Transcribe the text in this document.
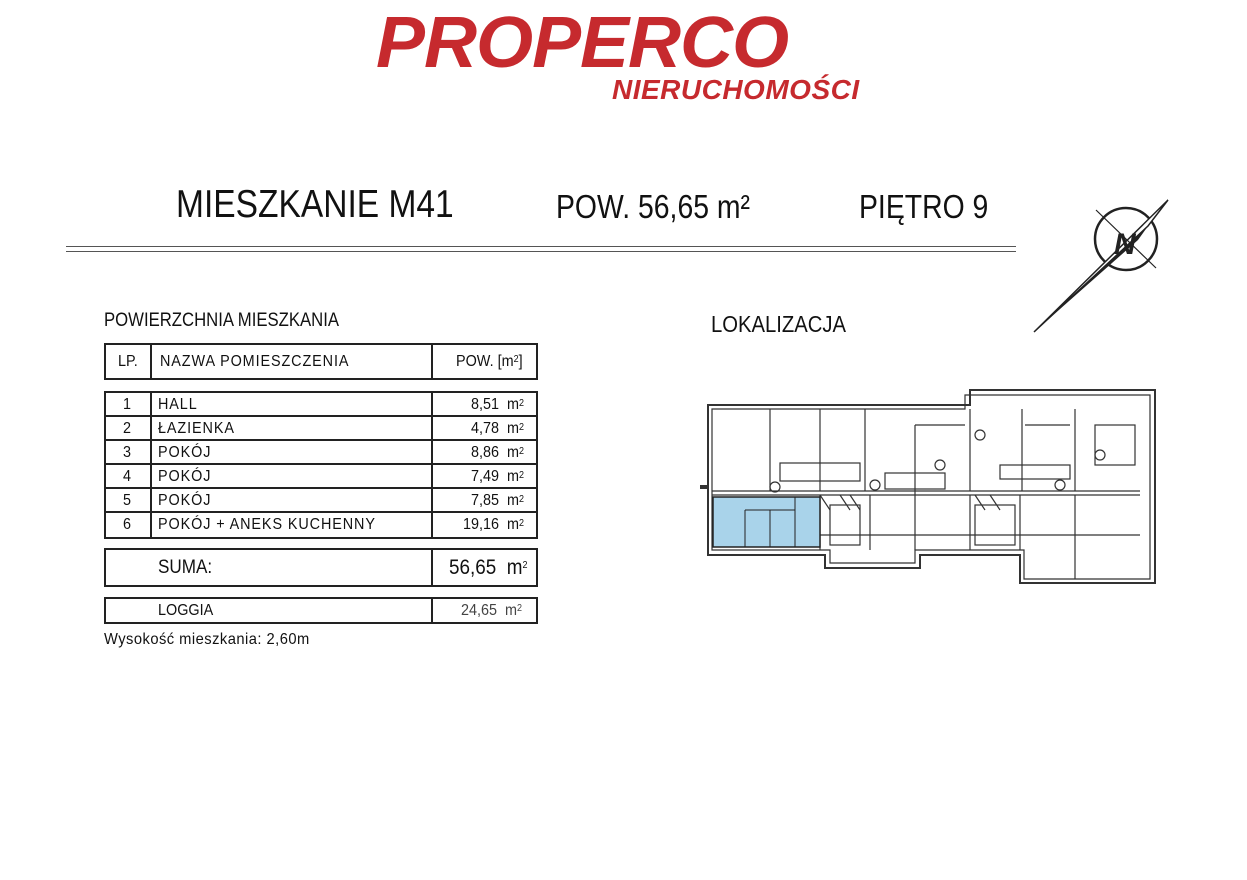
PROPERCO
NIERUCHOMOŚCI
MIESZKANIE M41	POW. 56,65 m²	PIĘTRO 9
N
POWIERZCHNIA MIESZKANIA	LOKALIZACJA
LP. NAZWA POMIESZCZENIA	POW.
[$m^2$ ]
1 HALL	8,51
$m^2$
2 ŁAZIENKA	4,78
$m^2$
3 POKÓJ	8,86
$m^2$
4 POKÓJ	7,49
$m^2$
5 POKÓJ	7,85
$m^2$
6 POKÓJ + ANEKS KUCHENNY	19,16
$m^2$
SUMA:	56,65
$m^2$
LOGGIA	24,65
$m^2$
Wysokość mieszkania: 2,60m
